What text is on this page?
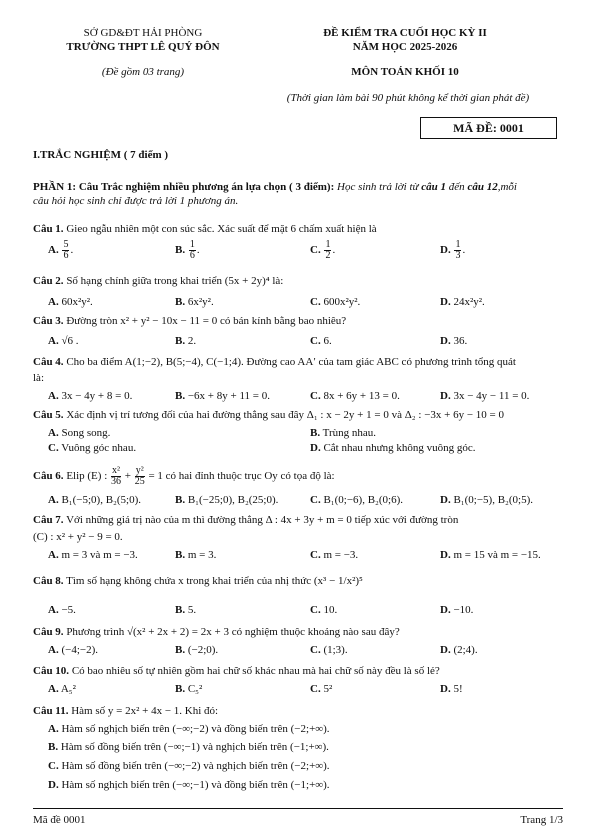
SỞ GD&ĐT HẢI PHÒNG
TRƯỜNG THPT LÊ QUÝ ĐÔN
(Đề gồm 03 trang)
ĐỀ KIỂM TRA CUỐI HỌC KỲ II
NĂM HỌC 2025-2026
MÔN TOÁN KHỐI 10
(Thời gian làm bài 90 phút không kể thời gian phát đề)
MÃ ĐỀ: 0001
I.TRẮC NGHIỆM ( 7 điểm )
PHẦN 1: Câu Trắc nghiệm nhiều phương án lựa chọn ( 3 điểm): Học sinh trả lời từ câu 1 đến câu 12,mỗi
câu hỏi học sinh chỉ được trả lời 1 phương án.
Câu 1. Gieo ngẫu nhiên một con súc sắc. Xác suất để mặt 6 chấm xuất hiện là
A. $\frac{5}{6}$ .	B. $\frac{1}{6}$ .	C. $\frac{1}{2}$ .	D. $\frac{1}{3}$ .
Câu 2. Số hạng chính giữa trong khai triển (5x + 2y)⁴ là:
A. 60x²y².	B. 6x²y².	C. 600x²y².	D. 24x²y².
Câu 3. Đường tròn x² + y² − 10x − 11 = 0 có bán kính bằng bao nhiêu?
A. √6 .	B. 2.	C. 6.	D. 36.
Câu 4. Cho ba điểm A(1;−2), B(5;−4), C(−1;4). Đường cao AA′ của tam giác ABC có phương trình tổng quát
là:
A. 3x − 4y + 8 = 0.	B. −6x + 8y + 11 = 0.	C. 8x + 6y + 13 = 0.	D. 3x − 4y − 11 = 0.
Câu 5. Xác định vị trí tương đối của hai đường thẳng sau đây Δ₁ : x − 2y + 1 = 0 và Δ₂ : −3x + 6y − 10 = 0
A. Song song.	B. Trùng nhau.
C. Vuông góc nhau.	D. Cắt nhau nhưng không vuông góc.
Câu 6. Elip (E) : $\frac{\text{x²}}{36} + \frac{\text{y²}}{25} = 1$ có hai đỉnh thuộc trục Oy có tọa độ là:
A. B₁(−5;0), B₂(5;0).	B. B₁(−25;0), B₂(25;0).	C. B₁(0;−6), B₂(0;6).	D. B₁(0;−5), B₂(0;5).
Câu 7. Với những giá trị nào của m thì đường thẳng Δ : 4x + 3y + m = 0 tiếp xúc với đường tròn
(C) : x² + y² − 9 = 0.
A. m = 3 và m = −3.	B. m = 3.	C. m = −3.	D. m = 15 và m = −15.
Câu 8. Tìm số hạng không chứa x trong khai triển của nhị thức (x³ − 1/x²)⁵
A. −5.	B. 5.	C. 10.	D. −10.
Câu 9. Phương trình √(x² + 2x + 2) = 2x + 3 có nghiệm thuộc khoảng nào sau đây?
A. (−4;−2).	B. (−2;0).	C. (1;3).	D. (2;4).
Câu 10. Có bao nhiêu số tự nhiên gồm hai chữ số khác nhau mà hai chữ số này đều là số lẻ?
A. A₅²	B. C₅²	C. 5²	D. 5!
Câu 11. Hàm số y = 2x² + 4x − 1. Khi đó:
A. Hàm số nghịch biến trên (−∞;−2) và đồng biến trên (−2;+∞).
B. Hàm số đồng biến trên (−∞;−1) và nghịch biến trên (−1;+∞).
C. Hàm số đồng biến trên (−∞;−2) và nghịch biến trên (−2;+∞).
D. Hàm số nghịch biến trên (−∞;−1) và đồng biến trên (−1;+∞).
Mã đề 0001	Trang 1/3
